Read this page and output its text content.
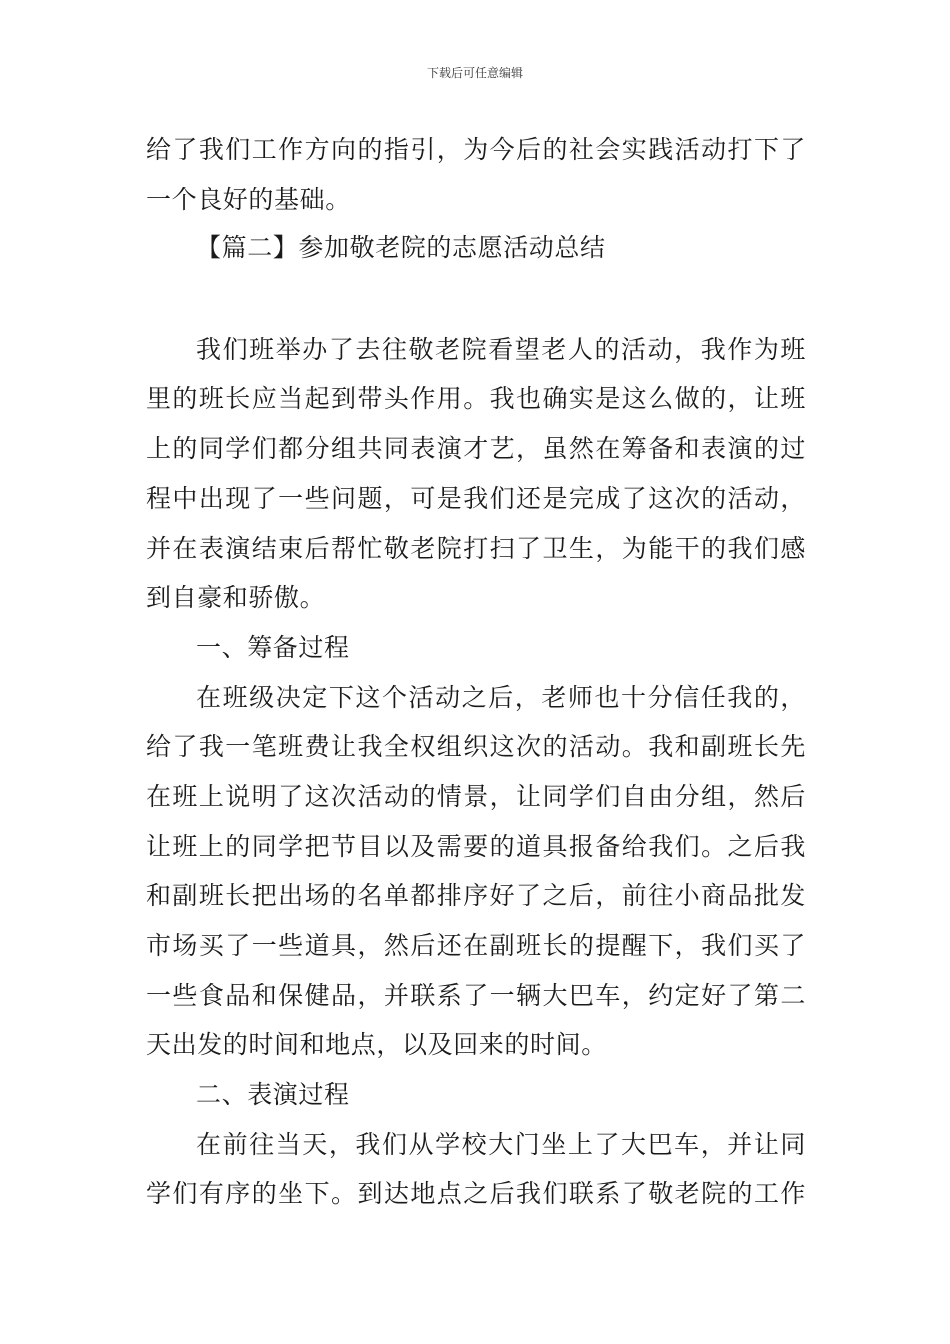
下载后可任意编辑
给了我们工作方向的指引，为今后的社会实践活动打下了
一个良好的基础。
【篇二】参加敬老院的志愿活动总结
我们班举办了去往敬老院看望老人的活动，我作为班
里的班长应当起到带头作用。我也确实是这么做的，让班
上的同学们都分组共同表演才艺，虽然在筹备和表演的过
程中出现了一些问题，可是我们还是完成了这次的活动，
并在表演结束后帮忙敬老院打扫了卫生，为能干的我们感
到自豪和骄傲。
一、筹备过程
在班级决定下这个活动之后，老师也十分信任我的，
给了我一笔班费让我全权组织这次的活动。我和副班长先
在班上说明了这次活动的情景，让同学们自由分组，然后
让班上的同学把节目以及需要的道具报备给我们。之后我
和副班长把出场的名单都排序好了之后，前往小商品批发
市场买了一些道具，然后还在副班长的提醒下，我们买了
一些食品和保健品，并联系了一辆大巴车，约定好了第二
天出发的时间和地点，以及回来的时间。
二、表演过程
在前往当天，我们从学校大门坐上了大巴车，并让同
学们有序的坐下。到达地点之后我们联系了敬老院的工作
